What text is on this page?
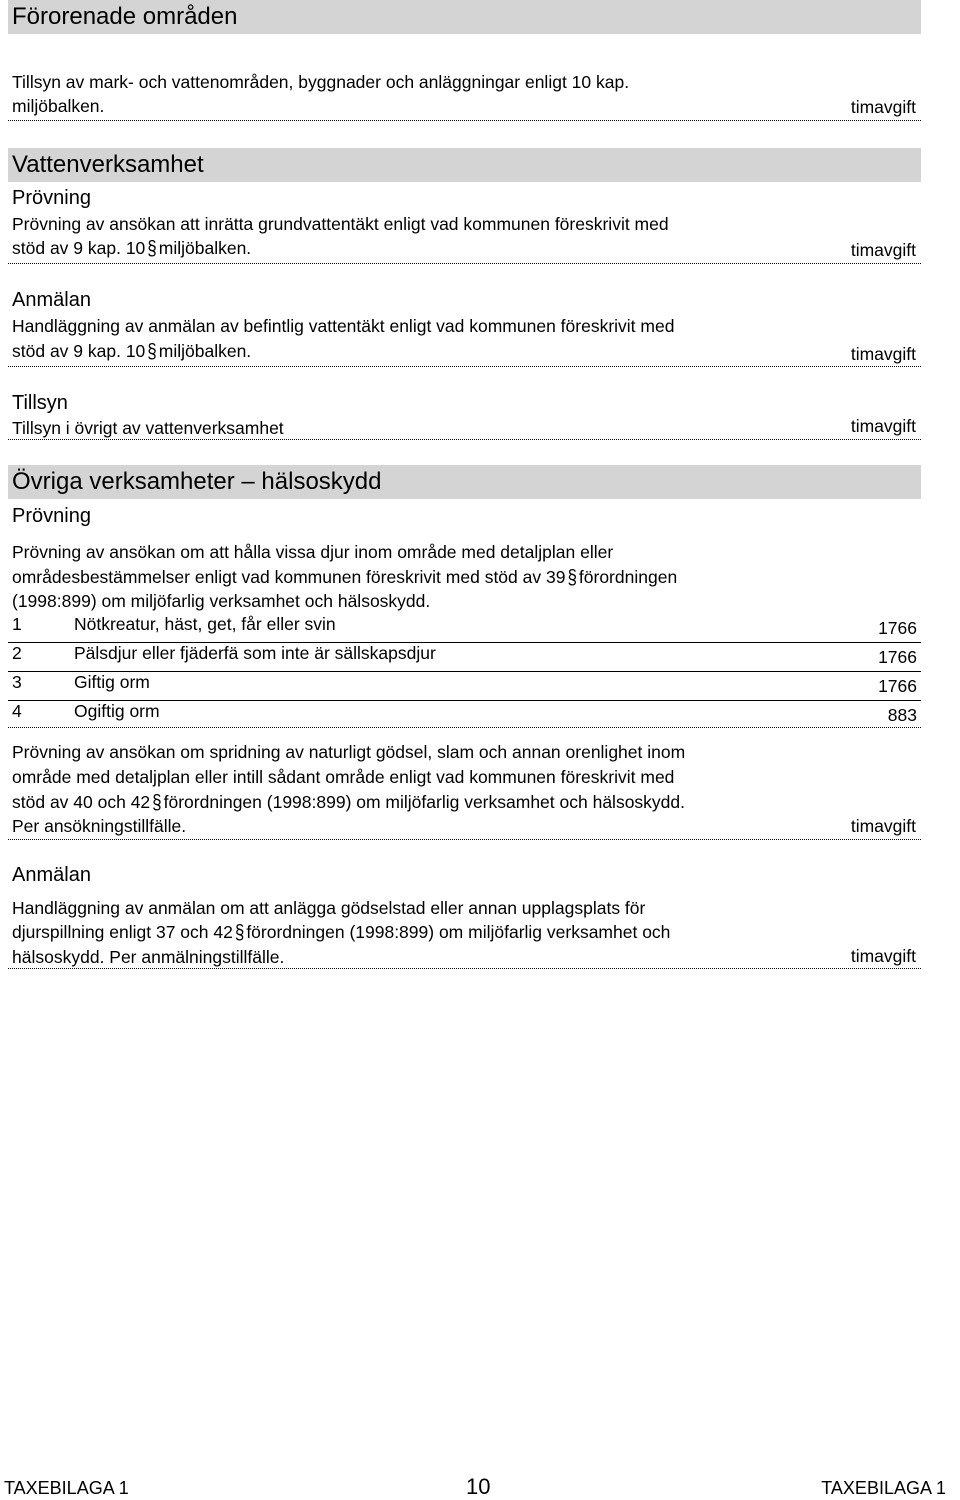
Förorenade områden
Tillsyn av mark- och vattenområden, byggnader och anläggningar enligt 10 kap.
miljöbalken.	timavgift
Vattenverksamhet
Prövning
Prövning av ansökan att inrätta grundvattentäkt enligt vad kommunen föreskrivit med
stöd av 9 kap. 10 § miljöbalken.	timavgift
Anmälan
Handläggning av anmälan av befintlig vattentäkt enligt vad kommunen föreskrivit med
stöd av 9 kap. 10 § miljöbalken.	timavgift
Tillsyn
Tillsyn i övrigt av vattenverksamhet	timavgift
Övriga verksamheter – hälsoskydd
Prövning
Prövning av ansökan om att hålla vissa djur inom område med detaljplan eller
områdesbestämmelser enligt vad kommunen föreskrivit med stöd av 39 § förordningen
(1998:899) om miljöfarlig verksamhet och hälsoskydd.
1	Nötkreatur, häst, get, får eller svin	1766
2	Pälsdjur eller fjäderfä som inte är sällskapsdjur	1766
3	Giftig orm	1766
4	Ogiftig orm	883
Prövning av ansökan om spridning av naturligt gödsel, slam och annan orenlighet inom
område med detaljplan eller intill sådant område enligt vad kommunen föreskrivit med
stöd av 40 och 42 § förordningen (1998:899) om miljöfarlig verksamhet och hälsoskydd.
Per ansökningstillfälle.	timavgift
Anmälan
Handläggning av anmälan om att anlägga gödselstad eller annan upplagsplats för
djurspillning enligt 37 och 42 § förordningen (1998:899) om miljöfarlig verksamhet och
hälsoskydd. Per anmälningstillfälle.	timavgift
TAXEBILAGA 1	10	TAXEBILAGA 1
